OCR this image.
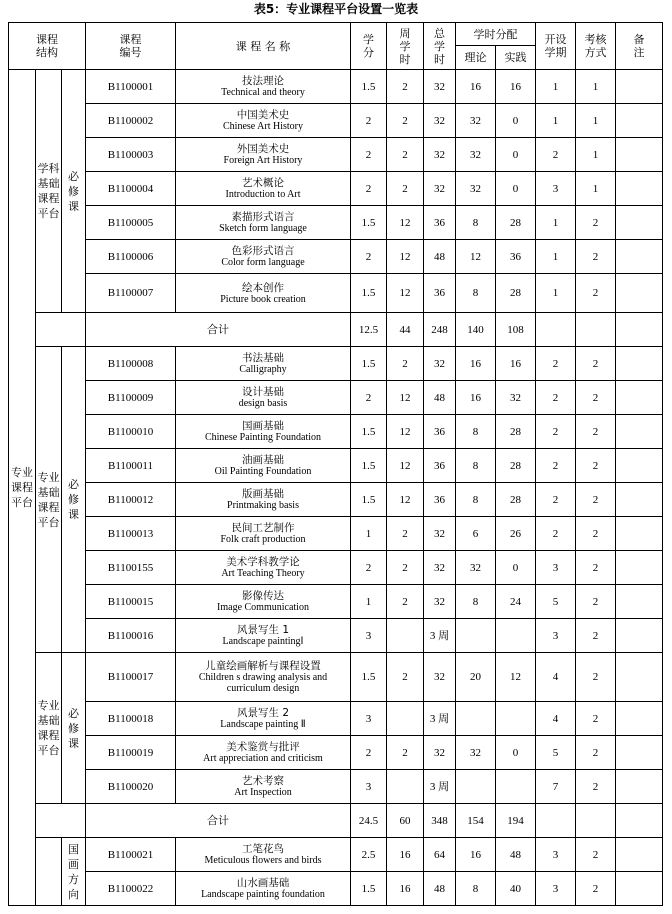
表5：专业课程平台设置一览表
课程结构			课程编号	课 程 名 称	学分	周学时	总学时	学时分配		开设学期	考核方式	备注

								理论	实践			

专业课程平台	学科基础课程平台	必修课	B1100001	技法理论
Technical and theory	1.5	2	32	16	16	1	1	
			B1100002	中国美术史
Chinese Art History	2	2	32	32	0	1	1	
			B1100003	外国美术史
Foreign Art History	2	2	32	32	0	2	1	
			B1100004	艺术概论
Introduction to Art	2	2	32	32	0	3	1	
			B1100005	素描形式语言
Sketch form language	1.5	12	36	8	28	1	2	
			B1100006	色彩形式语言
Color form language	2	12	48	12	36	1	2	
			B1100007	绘本创作
Picture book creation	1.5	12	36	8	28	1	2	
			合计		12.5	44	248	140	108			

	专业基础课程平台	必修课	B1100008	书法基础
Calligraphy	1.5	2	32	16	16	2	2	
			B1100009	设计基础
design basis	2	12	48	16	32	2	2	
			B1100010	国画基础
Chinese Painting Foundation	1.5	12	36	8	28	2	2	
			B1100011	油画基础
Oil Painting Foundation	1.5	12	36	8	28	2	2	
			B1100012	版画基础
Printmaking basis	1.5	12	36	8	28	2	2	
			B1100013	民间工艺制作
Folk craft production	1	2	32	6	26	2	2	
			B1100155	美术学科教学论
Art Teaching Theory	2	2	32	32	0	3	2	
			B1100015	影像传达
Image Communication	1	2	32	8	24	5	2	
			B1100016	风景写生 1
Landscape paintingⅠ	3		3 周			3	2	

	专业基础课程平台	必修课	B1100017	儿童绘画解析与课程设置
Children s drawing analysis and curriculum design	1.5	2	32	20	12	4	2	
			B1100018	风景写生 2
Landscape painting Ⅱ	3		3 周			4	2	
			B1100019	美术鉴赏与批评
Art appreciation and criticism	2	2	32	32	0	5	2	
			B1100020	艺术考察
Art Inspection	3		3 周			7	2	
			合计		24.5	60	348	154	194			

		国画方向	B1100021	工笔花鸟
Meticulous flowers and birds	2.5	16	64	16	48	3	2	
			B1100022	山水画基础
Landscape painting foundation	1.5	16	48	8	40	3	2	
